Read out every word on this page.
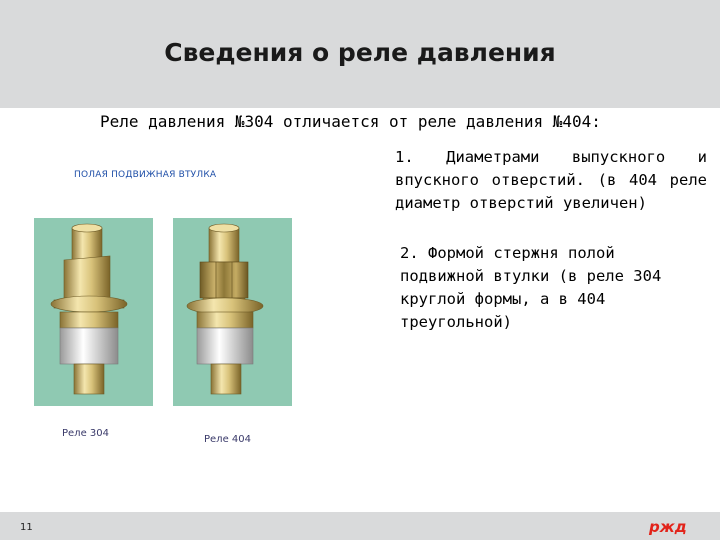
Сведения о реле давления
Реле давления №304 отличается от реле давления №404:
ПОЛАЯ ПОДВИЖНАЯ ВТУЛКА
1. Диаметрами выпускного и впускного отверстий. (в 404 реле диаметр отверстий увеличен)
2. Формой стержня полой подвижной втулки (в реле 304 круглой формы, а в 404 треугольной)
Реле 304
Реле 404
11	ржд
